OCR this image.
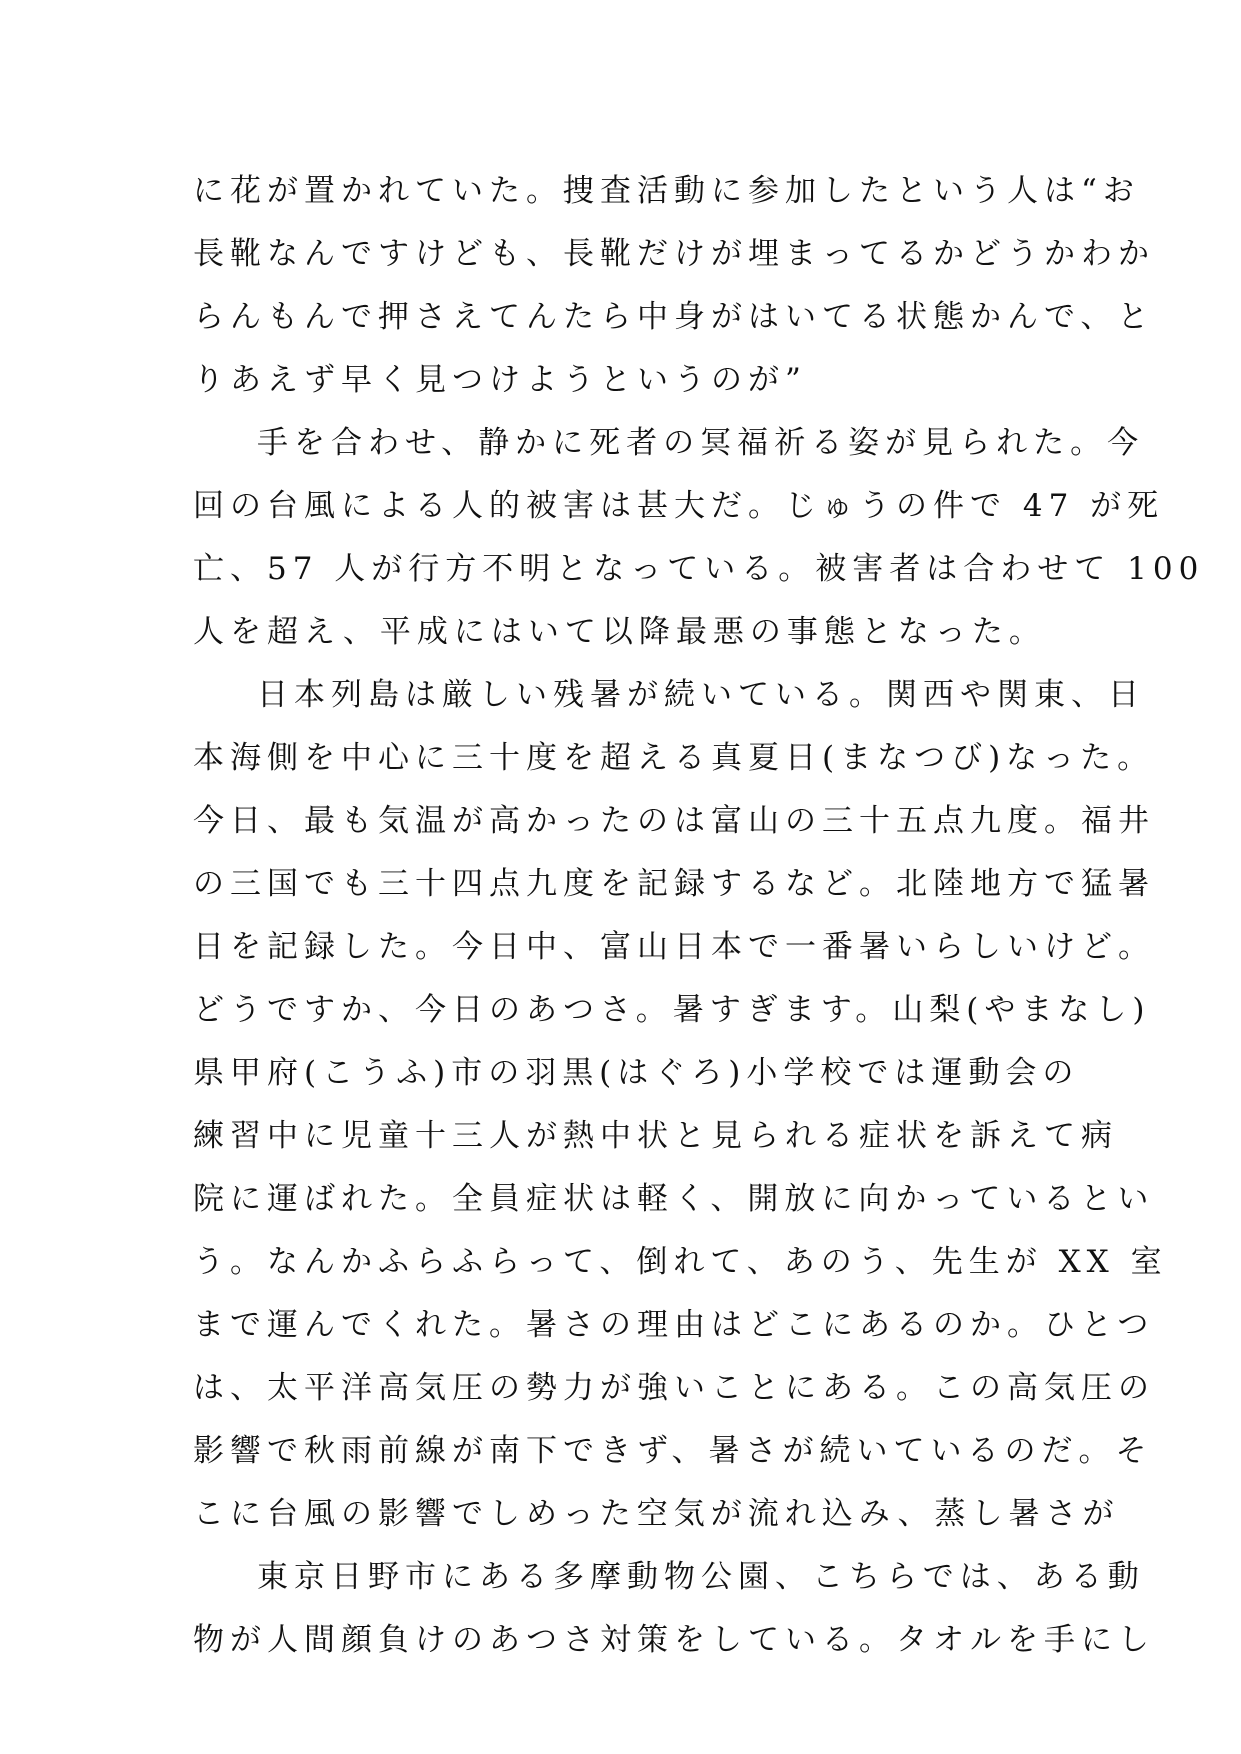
に花が置かれていた。捜査活動に参加したという人は“お
長靴なんですけども、長靴だけが埋まってるかどうかわか
らんもんで押さえてんたら中身がはいてる状態かんで、と
りあえず早く見つけようというのが”
手を合わせ、静かに死者の冥福祈る姿が見られた。今
回の台風による人的被害は甚大だ。じゅうの件で 47 が死
亡、57 人が行方不明となっている。被害者は合わせて 100
人を超え、平成にはいて以降最悪の事態となった。
日本列島は厳しい残暑が続いている。関西や関東、日
本海側を中心に三十度を超える真夏日(まなつび)なった。
今日、最も気温が高かったのは富山の三十五点九度。福井
の三国でも三十四点九度を記録するなど。北陸地方で猛暑
日を記録した。今日中、富山日本で一番暑いらしいけど。
どうですか、今日のあつさ。暑すぎます。山梨(やまなし)
県甲府(こうふ)市の羽黒(はぐろ)小学校では運動会の
練習中に児童十三人が熱中状と見られる症状を訴えて病
院に運ばれた。全員症状は軽く、開放に向かっているとい
う。なんかふらふらって、倒れて、あのう、先生が XX 室
まで運んでくれた。暑さの理由はどこにあるのか。ひとつ
は、太平洋高気圧の勢力が強いことにある。この高気圧の
影響で秋雨前線が南下できず、暑さが続いているのだ。そ
こに台風の影響でしめった空気が流れ込み、蒸し暑さが
東京日野市にある多摩動物公園、こちらでは、ある動
物が人間顔負けのあつさ対策をしている。タオルを手にし
